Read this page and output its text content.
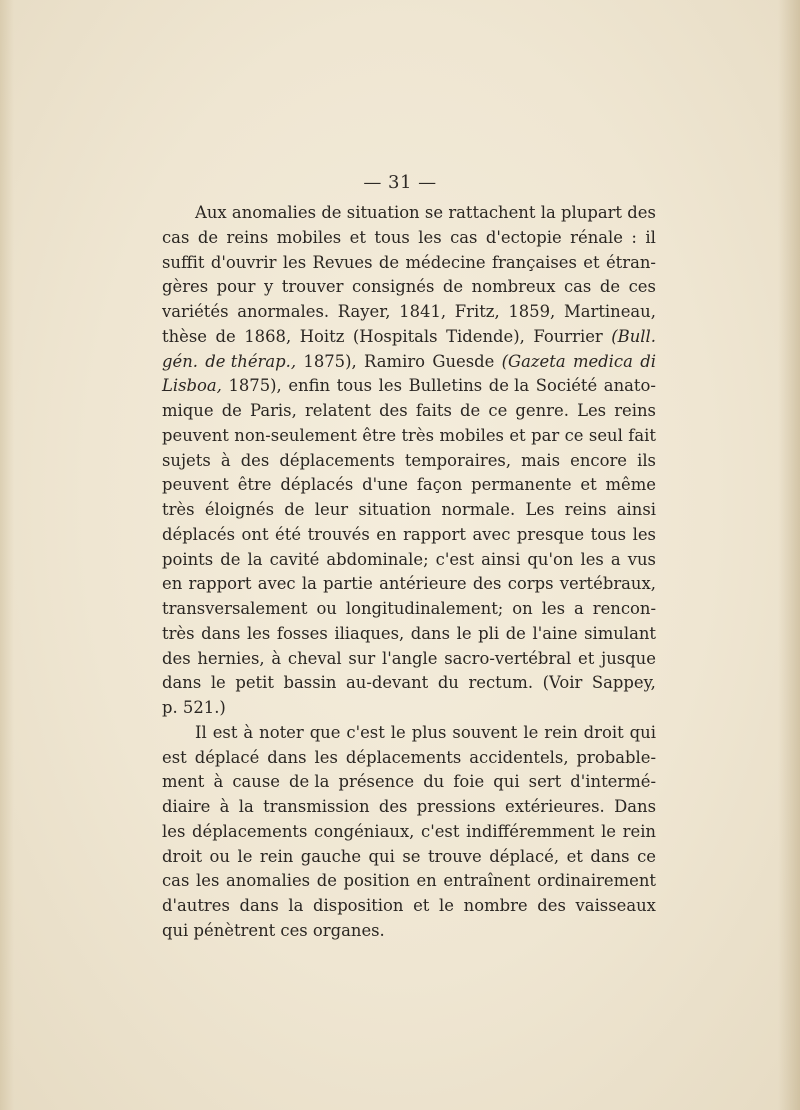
— 31 —
Aux anomalies de situation se rattachent la plupart des
cas de reins mobiles et tous les cas d'ectopie rénale : il
suffit d'ouvrir les Revues de médecine françaises et étran-
gères pour y trouver consignés de nombreux cas de ces
variétés anormales. Rayer, 1841, Fritz, 1859, Martineau,
thèse de 1868, Hoitz (Hospitals Tidende), Fourrier (Bull.
gén. de thérap., 1875), Ramiro Guesde (Gazeta medica di
Lisboa, 1875), enfin tous les Bulletins de la Société anato-
mique de Paris, relatent des faits de ce genre. Les reins
peuvent non-seulement être très mobiles et par ce seul fait
sujets à des déplacements temporaires, mais encore ils
peuvent être déplacés d'une façon permanente et même
très éloignés de leur situation normale. Les reins ainsi
déplacés ont été trouvés en rapport avec presque tous les
points de la cavité abdominale; c'est ainsi qu'on les a vus
en rapport avec la partie antérieure des corps vertébraux,
transversalement ou longitudinalement; on les a rencon-
très dans les fosses iliaques, dans le pli de l'aine simulant
des hernies, à cheval sur l'angle sacro-vertébral et jusque
dans le petit bassin au-devant du rectum. (Voir Sappey,
p. 521.)
Il est à noter que c'est le plus souvent le rein droit qui
est déplacé dans les déplacements accidentels, probable-
ment à cause de la présence du foie qui sert d'intermé-
diaire à la transmission des pressions extérieures. Dans
les déplacements congéniaux, c'est indifféremment le rein
droit ou le rein gauche qui se trouve déplacé, et dans ce
cas les anomalies de position en entraînent ordinairement
d'autres dans la disposition et le nombre des vaisseaux
qui pénètrent ces organes.
